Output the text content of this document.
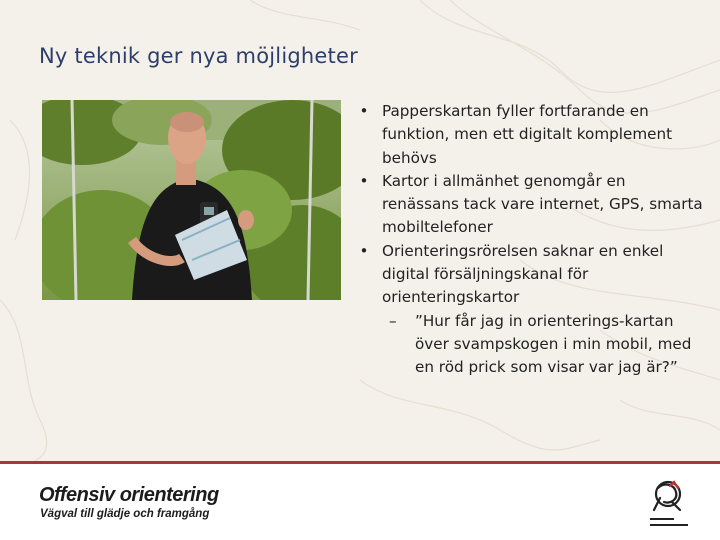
Ny teknik ger nya möjligheter
• Papperskartan fyller fortfarande en funktion, men ett digitalt komplement behövs
• Kartor i allmänhet genomgår en renässans tack vare internet, GPS, smarta mobiltelefoner
• Orienteringsrörelsen saknar en enkel digital försäljningskanal för orienteringskartor
– ”Hur får jag in orienterings-kartan över svampskogen i min mobil, med en röd prick som visar var jag är?”
Offensiv orientering
Vägval till glädje och framgång
